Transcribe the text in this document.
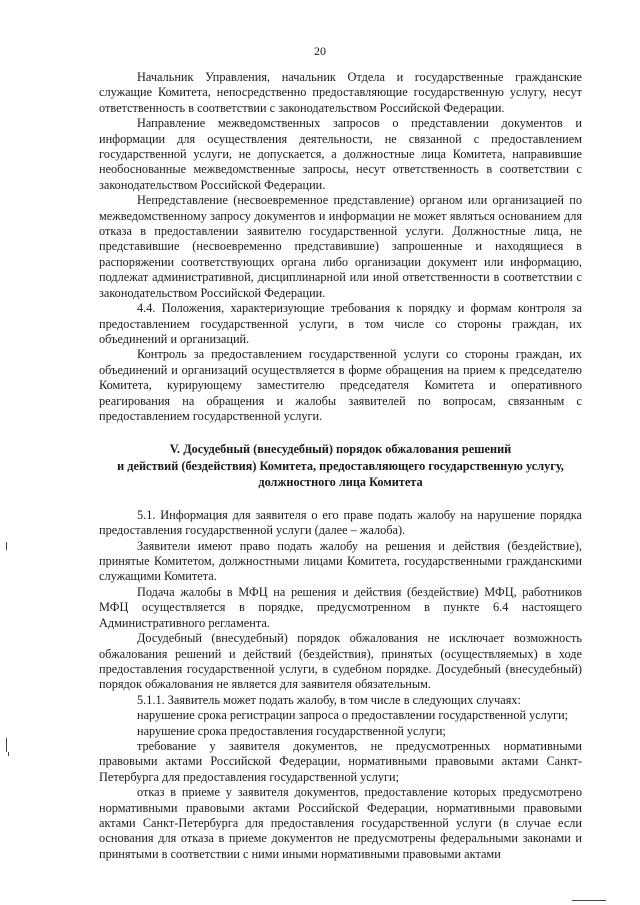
20

Начальник Управления, начальник Отдела и государственные гражданские служащие Комитета, непосредственно предоставляющие государственную услугу, несут ответственность в соответствии с законодательством Российской Федерации.

Направление межведомственных запросов о представлении документов и информации для осуществления деятельности, не связанной с предоставлением государственной услуги, не допускается, а должностные лица Комитета, направившие необоснованные межведомственные запросы, несут ответственность в соответствии с законодательством Российской Федерации.

Непредставление (несвоевременное представление) органом или организацией по межведомственному запросу документов и информации не может являться основанием для отказа в предоставлении заявителю государственной услуги. Должностные лица, не представившие (несвоевременно представившие) запрошенные и находящиеся в распоряжении соответствующих органа либо организации документ или информацию, подлежат административной, дисциплинарной или иной ответственности в соответствии с законодательством Российской Федерации.

4.4. Положения, характеризующие требования к порядку и формам контроля за предоставлением государственной услуги, в том числе со стороны граждан, их объединений и организаций.

Контроль за предоставлением государственной услуги со стороны граждан, их объединений и организаций осуществляется в форме обращения на прием к председателю Комитета, курирующему заместителю председателя Комитета и оперативного реагирования на обращения и жалобы заявителей по вопросам, связанным с предоставлением государственной услуги.

V. Досудебный (внесудебный) порядок обжалования решений
и действий (бездействия) Комитета, предоставляющего государственную услугу,
должностного лица Комитета

5.1. Информация для заявителя о его праве подать жалобу на нарушение порядка предоставления государственной услуги (далее – жалоба).

Заявители имеют право подать жалобу на решения и действия (бездействие), принятые Комитетом, должностными лицами Комитета, государственными гражданскими служащими Комитета.

Подача жалобы в МФЦ на решения и действия (бездействие) МФЦ, работников МФЦ осуществляется в порядке, предусмотренном в пункте 6.4 настоящего Административного регламента.

Досудебный (внесудебный) порядок обжалования не исключает возможность обжалования решений и действий (бездействия), принятых (осуществляемых) в ходе предоставления государственной услуги, в судебном порядке. Досудебный (внесудебный) порядок обжалования не является для заявителя обязательным.

5.1.1. Заявитель может подать жалобу, в том числе в следующих случаях:

нарушение срока регистрации запроса о предоставлении государственной услуги;

нарушение срока предоставления государственной услуги;

требование у заявителя документов, не предусмотренных нормативными правовыми актами Российской Федерации, нормативными правовыми актами Санкт-Петербурга для предоставления государственной услуги;

отказ в приеме у заявителя документов, предоставление которых предусмотрено нормативными правовыми актами Российской Федерации, нормативными правовыми актами Санкт-Петербурга для предоставления государственной услуги (в случае если основания для отказа в приеме документов не предусмотрены федеральными законами и принятыми в соответствии с ними иными нормативными правовыми актами
